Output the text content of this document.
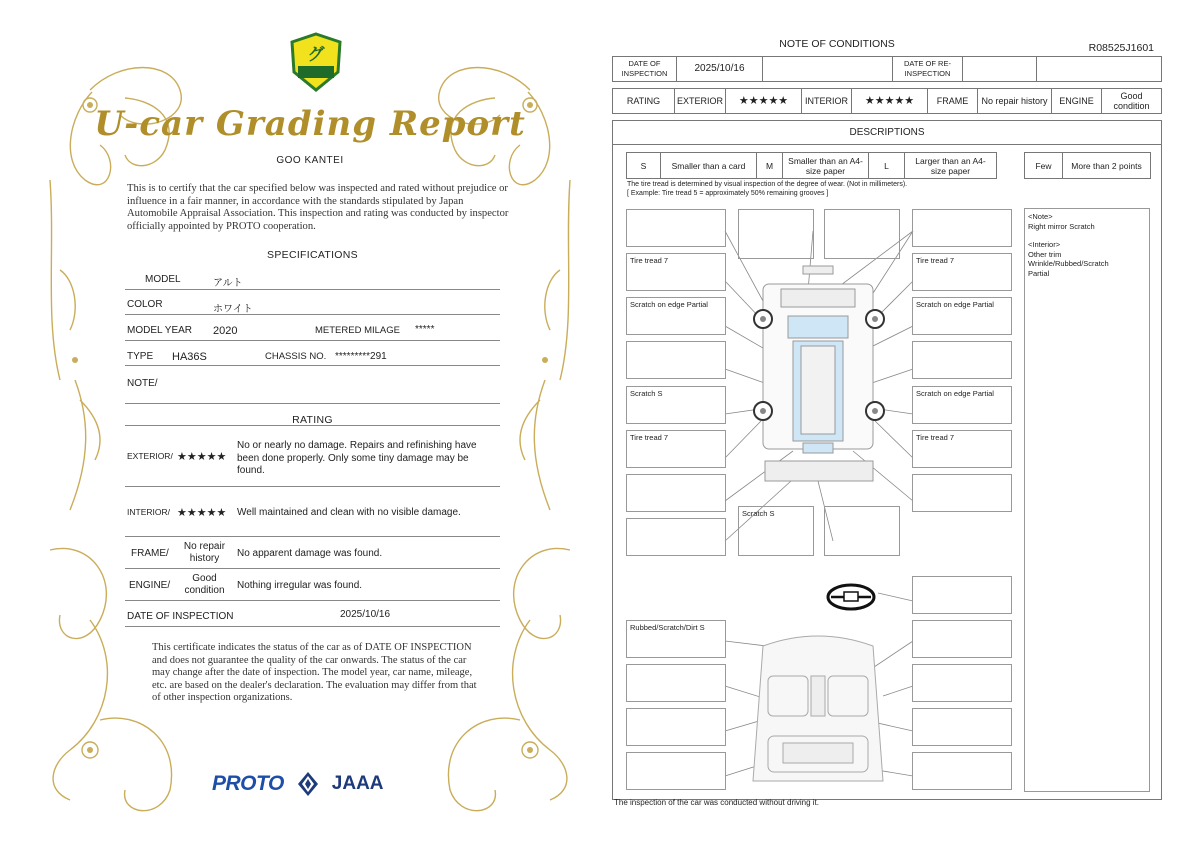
グ
U-car Grading Report
GOO KANTEI
This is to certify that the car specified below was inspected and rated without prejudice or influence in a fair manner, in accordance with the standards stipulated by Japan Automobile Appraisal Association. This inspection and rating was conducted by inspector officially appointed by PROTO cooperation.
SPECIFICATIONS
MODEL	アルト
COLOR	ホワイト
MODEL YEAR 2020	METERED MILAGE *****
TYPE HA36S	CHASSIS NO. *********291
NOTE/
RATING
EXTERIOR/ ★★★★★
No or nearly no damage. Repairs and refinishing have been done properly. Only some tiny damage may be found.
INTERIOR/ ★★★★★ Well maintained and clean with no visible damage.
FRAME/
No repair history	No apparent damage was found.
ENGINE/
Good condition	Nothing irregular was found.
DATE OF INSPECTION	2025/10/16
This certificate indicates the status of the car as of DATE OF INSPECTION and does not guarantee the quality of the car onwards. The status of the car may change after the date of inspection. The model year, car name, mileage, etc. are based on the dealer's declaration. The evaluation may differ from that of other inspection organizations.
PROTO	JAAA
NOTE OF CONDITIONS	R08525J1601
DATE OF INSPECTION	2025/10/16		DATE OF RE-INSPECTION		
RATING	EXTERIOR	★★★★★	INTERIOR	★★★★★	FRAME	No repair history	ENGINE	Good condition
DESCRIPTIONS
S	Smaller than a card	M	Smaller than an A4-size paper	L	Larger than an A4-size paper	Few	More than 2 points
The tire tread is determined by visual inspection of the degree of wear. (Not in millimeters).
[ Example: Tire tread 5 = approximately 50% remaining grooves ]
Tire tread 7
Scratch on edge Partial
Scratch S
Tire tread 7
Rubbed/Scratch/Dirt S
Scratch S
Tire tread 7
Scratch on edge Partial
Scratch on edge Partial
Tire tread 7
<Note>
Right mirror Scratch
<Interior>
Other trim
Wrinkle/Rubbed/Scratch
Partial
The inspection of the car was conducted without driving it.
